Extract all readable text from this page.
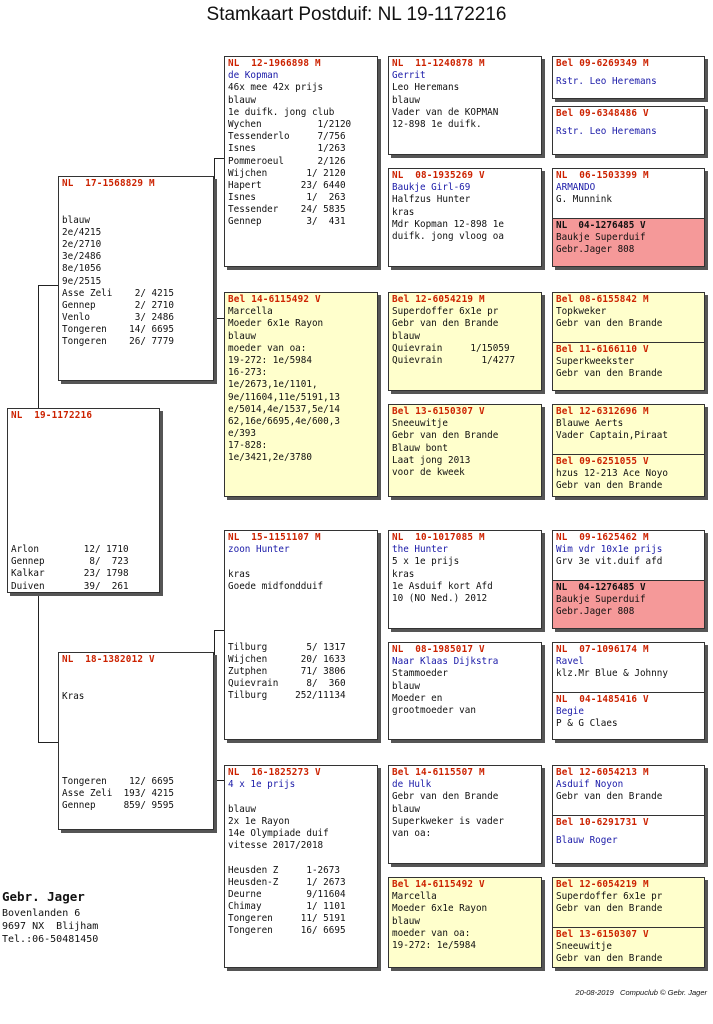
Stamkaart Postduif: NL 19-1172216
NL  19-1172216
Arlon        12/ 1710
Gennep        8/  723
Kalkar       23/ 1798
Duiven       39/  261
NL  17-1568829 M
blauw
2e/4215
2e/2710
3e/2486
8e/1056
9e/2515
Asse Zeli    2/ 4215
Gennep       2/ 2710
Venlo        3/ 2486
Tongeren    14/ 6695
Tongeren    26/ 7779
NL  18-1382012 V
Kras
Tongeren    12/ 6695
Asse Zeli  193/ 4215
Gennep     859/ 9595
NL  12-1966898 M
de Kopman
46x mee 42x prijs
blauw
1e duifk. jong club
Wychen          1/2120
Tessenderlo     7/756
Isnes           1/263
Pommeroeul      2/126
Wijchen       1/ 2120
Hapert       23/ 6440
Isnes         1/  263
Tessender    24/ 5835
Gennep        3/  431
Bel 14-6115492 V
Marcella
Moeder 6x1e Rayon
blauw
moeder van oa:
19-272: 1e/5984
16-273:
1e/2673,1e/1101,
9e/11604,11e/5191,13
e/5014,4e/1537,5e/14
62,16e/6695,4e/600,3
e/393
17-828:
1e/3421,2e/3780
NL  15-1151107 M
zoon Hunter
kras
Goede midfondduif
Tilburg       5/ 1317
Wijchen      20/ 1633
Zutphen      71/ 3806
Quievrain     8/  360
Tilburg     252/11134
NL  16-1825273 V
4 x 1e prijs
blauw
2x 1e Rayon
14e Olympiade duif
vitesse 2017/2018
Heusden Z     1-2673
Heusden-Z     1/ 2673
Deurne        9/11604
Chimay        1/ 1101
Tongeren     11/ 5191
Tongeren     16/ 6695
NL  11-1240878 M
Gerrit
Leo Heremans
blauw
Vader van de KOPMAN
12-898 1e duifk.
NL  08-1935269 V
Baukje Girl-69
Halfzus Hunter
kras
Mdr Kopman 12-898 1e
duifk. jong vloog oa
Bel 12-6054219 M
Superdoffer 6x1e pr
Gebr van den Brande
blauw
Quievrain     1/15059
Quievrain       1/4277
Bel 13-6150307 V
Sneeuwitje
Gebr van den Brande
Blauw bont
Laat jong 2013
voor de kweek
NL  10-1017085 M
the Hunter
5 x 1e prijs
kras
1e Asduif kort Afd
10 (NO Ned.) 2012
NL  08-1985017 V
Naar Klaas Dijkstra
Stammoeder
blauw
Moeder en
grootmoeder van
Bel 14-6115507 M
de Hulk
Gebr van den Brande
blauw
Superkweker is vader
van oa:
Bel 14-6115492 V
Marcella
Moeder 6x1e Rayon
blauw
moeder van oa:
19-272: 1e/5984
Bel 09-6269349 M
Rstr. Leo Heremans
Bel 09-6348486 V
Rstr. Leo Heremans
NL  06-1503399 M
ARMANDO
G. Munnink
NL  04-1276485 V
Baukje Superduif
Gebr.Jager 808
Bel 08-6155842 M
Topkweker
Gebr van den Brande
Bel 11-6166110 V
Superkweekster
Gebr van den Brande
Bel 12-6312696 M
Blauwe Aerts
Vader Captain,Piraat
Bel 09-6251055 V
hzus 12-213 Ace Noyo
Gebr van den Brande
NL  09-1625462 M
Wim vdr 10x1e prijs
Grv 3e vit.duif afd
NL  04-1276485 V
Baukje Superduif
Gebr.Jager 808
NL  07-1096174 M
Ravel
klz.Mr Blue & Johnny
NL  04-1485416 V
Begie
P & G Claes
Bel 12-6054213 M
Asduif Noyon
Gebr van den Brande
Bel 10-6291731 V
Blauw Roger
Bel 12-6054219 M
Superdoffer 6x1e pr
Gebr van den Brande
Bel 13-6150307 V
Sneeuwitje
Gebr van den Brande
Gebr. Jager
Bovenlanden 6
9697 NX  Blijham
Tel.:06-50481450
20-08-2019   Compuclub © Gebr. Jager
